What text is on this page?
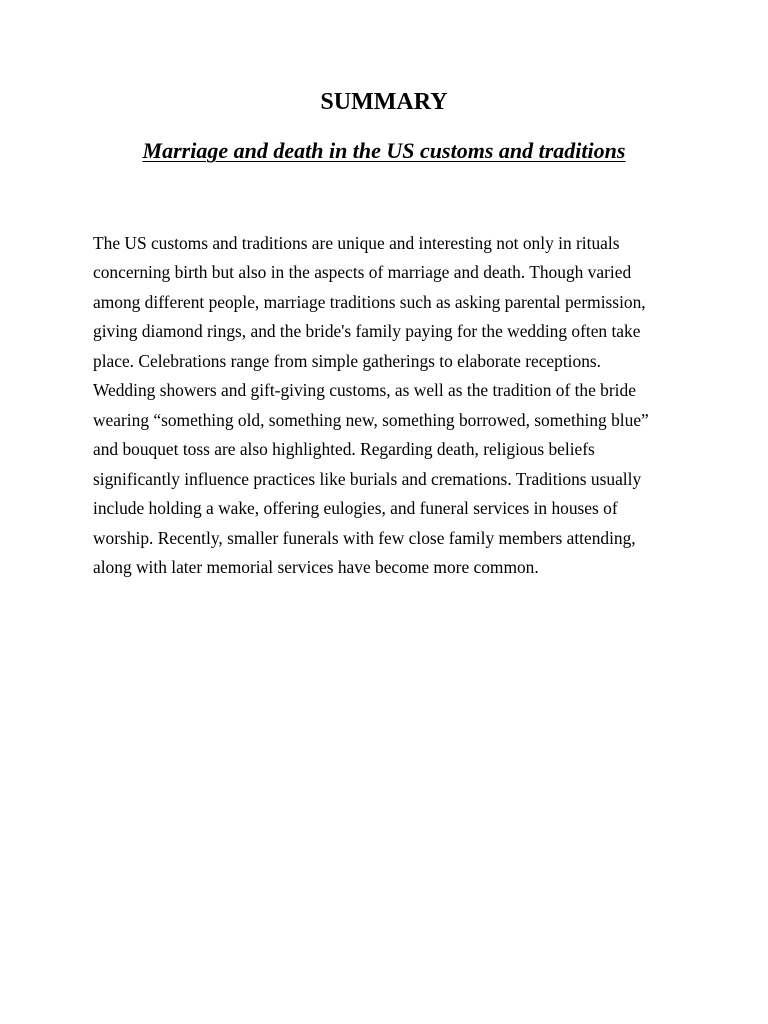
SUMMARY
Marriage and death in the US customs and traditions

The US customs and traditions are unique and interesting not only in rituals
concerning birth but also in the aspects of marriage and death. Though varied
among different people, marriage traditions such as asking parental permission,
giving diamond rings, and the bride's family paying for the wedding often take
place. Celebrations range from simple gatherings to elaborate receptions.
Wedding showers and gift-giving customs, as well as the tradition of the bride
wearing “something old, something new, something borrowed, something blue”
and bouquet toss are also highlighted. Regarding death, religious beliefs
significantly influence practices like burials and cremations. Traditions usually
include holding a wake, offering eulogies, and funeral services in houses of
worship. Recently, smaller funerals with few close family members attending,
along with later memorial services have become more common.
